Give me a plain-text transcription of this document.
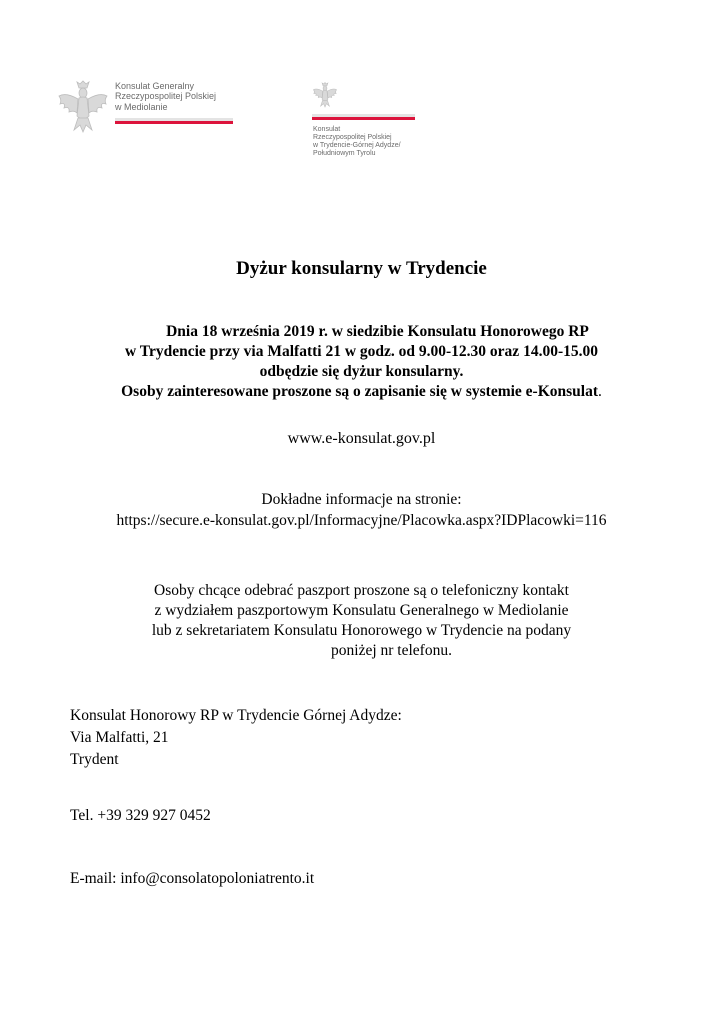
Konsulat Generalny
Rzeczypospolitej Polskiej
w Mediolanie
Konsulat
Rzeczypospolitej Polskiej
w Trydencie-Górnej Adydze/
Południowym Tyrolu
Dyżur konsularny w Trydencie
Dnia 18 września 2019 r. w siedzibie Konsulatu Honorowego RP
w Trydencie przy via Malfatti 21 w godz. od 9.00-12.30 oraz 14.00-15.00
odbędzie się dyżur konsularny.
Osoby zainteresowane proszone są o zapisanie się w systemie e-Konsulat.
www.e-konsulat.gov.pl
Dokładne informacje na stronie:
https://secure.e-konsulat.gov.pl/Informacyjne/Placowka.aspx?IDPlacowki=116
Osoby chcące odebrać paszport proszone są o telefoniczny kontakt
z wydziałem paszportowym Konsulatu Generalnego w Mediolanie
lub z sekretariatem Konsulatu Honorowego w Trydencie na podany
poniżej nr telefonu.
Konsulat Honorowy RP w Trydencie Górnej Adydze:
Via Malfatti, 21
Trydent
Tel. +39 329 927 0452
E-mail: info@consolatopoloniatrento.it
